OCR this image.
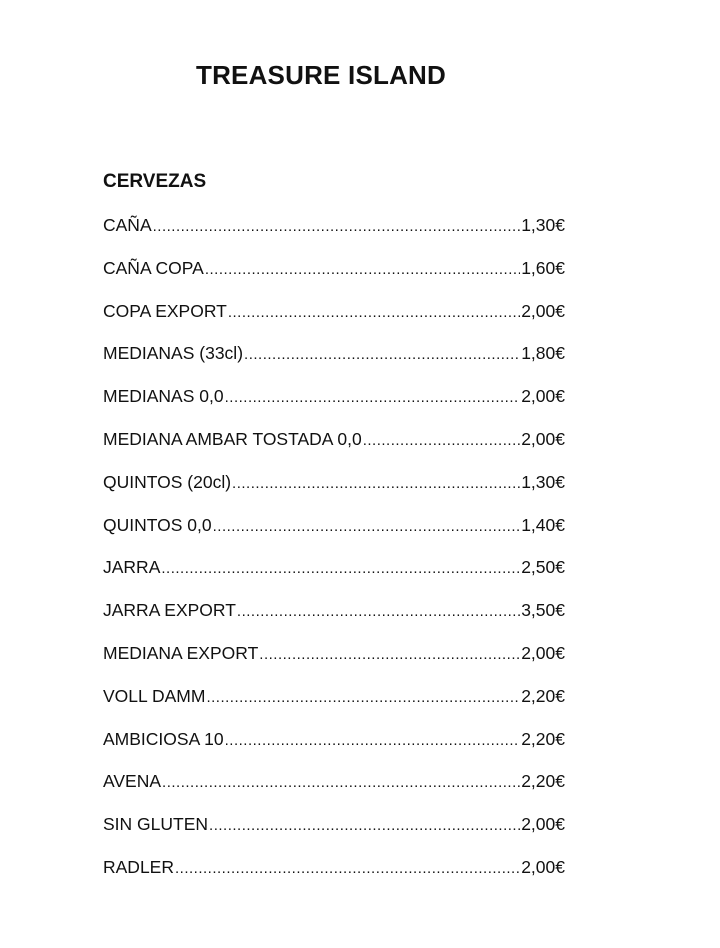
TREASURE ISLAND
CERVEZAS
CAÑA .....	1,30€
CAÑA COPA .....	1,60€
COPA EXPORT .....	2,00€
MEDIANAS (33cl) .....	1,80€
MEDIANAS 0,0 .....	2,00€
MEDIANA AMBAR TOSTADA 0,0 .....	2,00€
QUINTOS (20cl) .....	1,30€
QUINTOS 0,0 .....	1,40€
JARRA .....	2,50€
JARRA EXPORT .....	3,50€
MEDIANA EXPORT .....	2,00€
VOLL DAMM .....	2,20€
AMBICIOSA 10 .....	2,20€
AVENA .....	2,20€
SIN GLUTEN .....	2,00€
RADLER .....	2,00€
